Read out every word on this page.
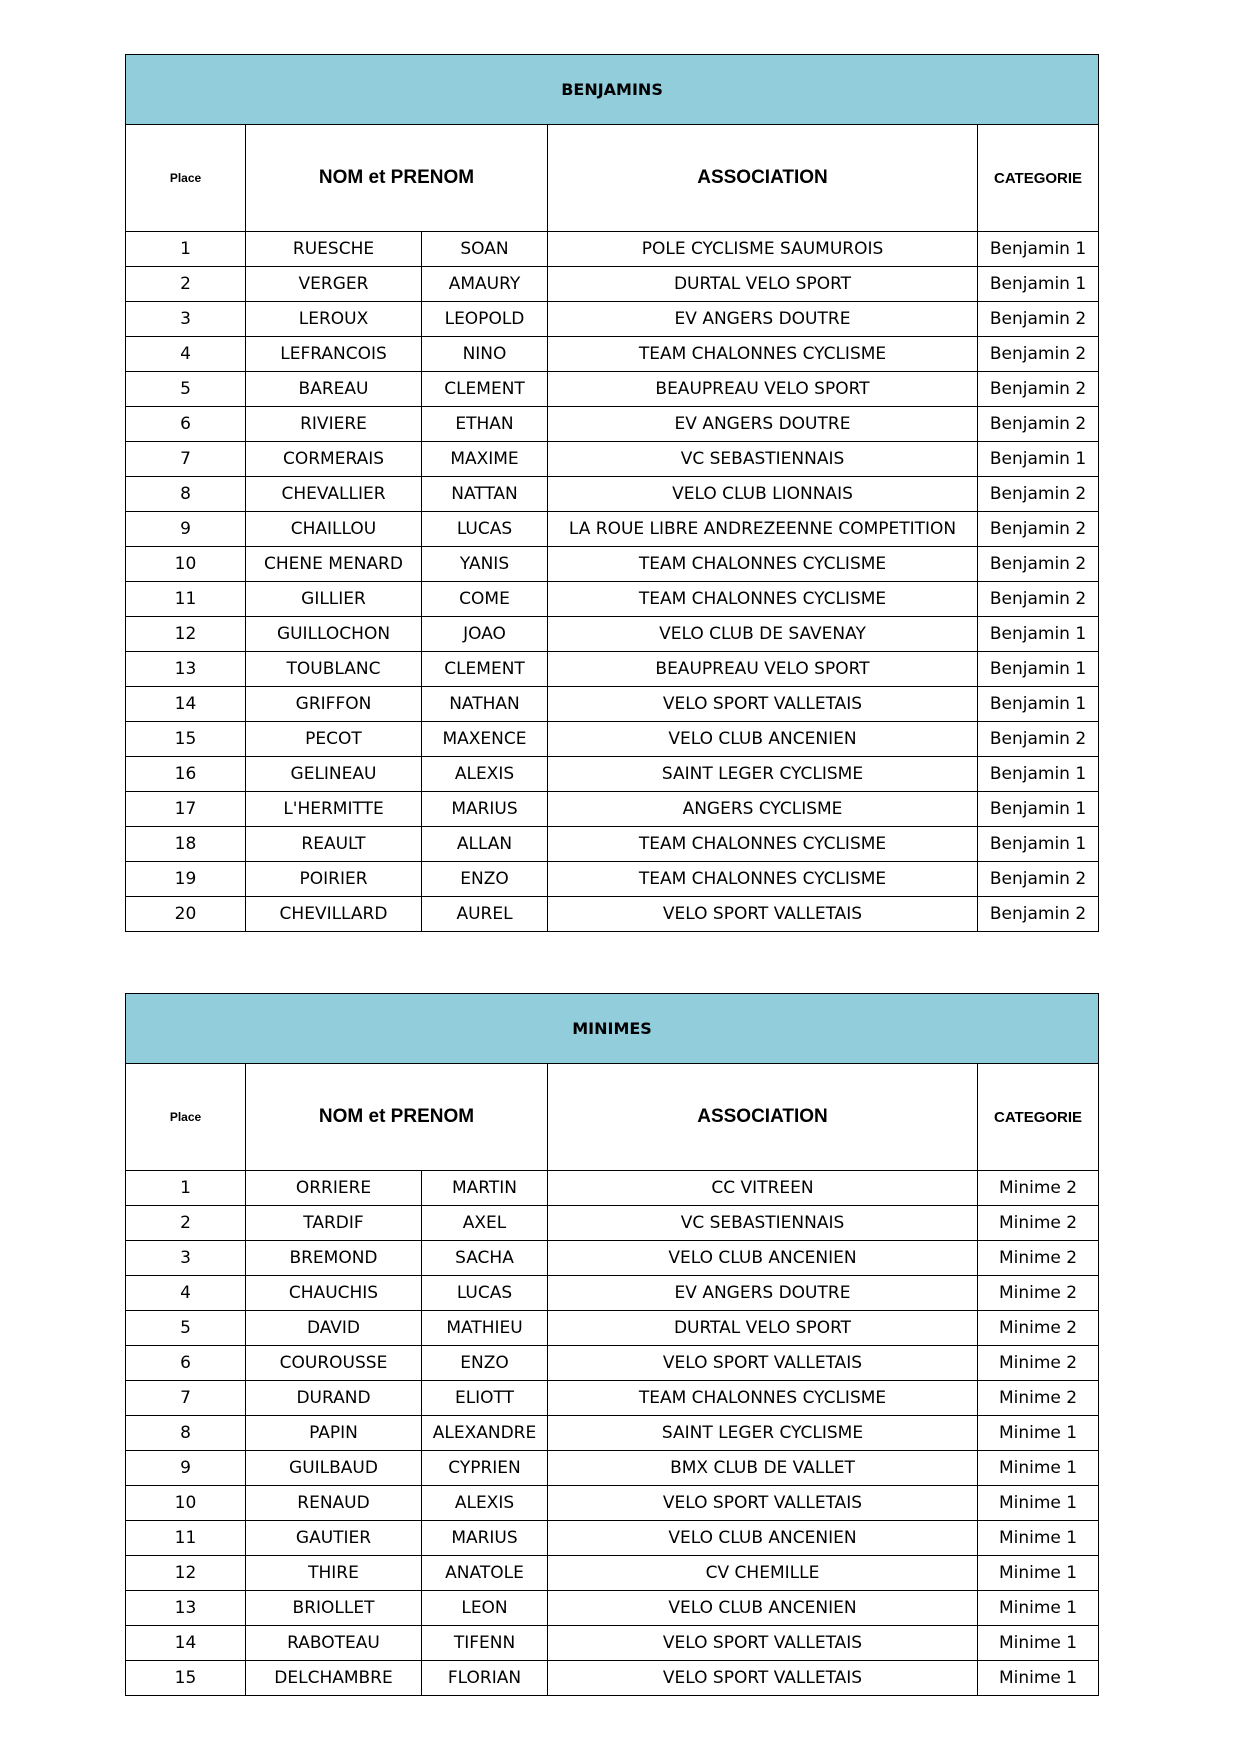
BENJAMINS				
Place	NOM et PRENOM		ASSOCIATION	CATEGORIE
1	RUESCHE	SOAN	POLE CYCLISME SAUMUROIS	Benjamin 1
2	VERGER	AMAURY	DURTAL VELO SPORT	Benjamin 1
3	LEROUX	LEOPOLD	EV ANGERS DOUTRE	Benjamin 2
4	LEFRANCOIS	NINO	TEAM CHALONNES CYCLISME	Benjamin 2
5	BAREAU	CLEMENT	BEAUPREAU VELO SPORT	Benjamin 2
6	RIVIERE	ETHAN	EV ANGERS DOUTRE	Benjamin 2
7	CORMERAIS	MAXIME	VC SEBASTIENNAIS	Benjamin 1
8	CHEVALLIER	NATTAN	VELO CLUB LIONNAIS	Benjamin 2
9	CHAILLOU	LUCAS	LA ROUE LIBRE ANDREZEENNE COMPETITION	Benjamin 2
10	CHENE MENARD	YANIS	TEAM CHALONNES CYCLISME	Benjamin 2
11	GILLIER	COME	TEAM CHALONNES CYCLISME	Benjamin 2
12	GUILLOCHON	JOAO	VELO CLUB DE SAVENAY	Benjamin 1
13	TOUBLANC	CLEMENT	BEAUPREAU VELO SPORT	Benjamin 1
14	GRIFFON	NATHAN	VELO SPORT VALLETAIS	Benjamin 1
15	PECOT	MAXENCE	VELO CLUB ANCENIEN	Benjamin 2
16	GELINEAU	ALEXIS	SAINT LEGER CYCLISME	Benjamin 1
17	L'HERMITTE	MARIUS	ANGERS CYCLISME	Benjamin 1
18	REAULT	ALLAN	TEAM CHALONNES CYCLISME	Benjamin 1
19	POIRIER	ENZO	TEAM CHALONNES CYCLISME	Benjamin 2
20	CHEVILLARD	AUREL	VELO SPORT VALLETAIS	Benjamin 2
MINIMES				
Place	NOM et PRENOM		ASSOCIATION	CATEGORIE
1	ORRIERE	MARTIN	CC VITREEN	Minime 2
2	TARDIF	AXEL	VC SEBASTIENNAIS	Minime 2
3	BREMOND	SACHA	VELO CLUB ANCENIEN	Minime 2
4	CHAUCHIS	LUCAS	EV ANGERS DOUTRE	Minime 2
5	DAVID	MATHIEU	DURTAL VELO SPORT	Minime 2
6	COUROUSSE	ENZO	VELO SPORT VALLETAIS	Minime 2
7	DURAND	ELIOTT	TEAM CHALONNES CYCLISME	Minime 2
8	PAPIN	ALEXANDRE	SAINT LEGER CYCLISME	Minime 1
9	GUILBAUD	CYPRIEN	BMX CLUB DE VALLET	Minime 1
10	RENAUD	ALEXIS	VELO SPORT VALLETAIS	Minime 1
11	GAUTIER	MARIUS	VELO CLUB ANCENIEN	Minime 1
12	THIRE	ANATOLE	CV CHEMILLE	Minime 1
13	BRIOLLET	LEON	VELO CLUB ANCENIEN	Minime 1
14	RABOTEAU	TIFENN	VELO SPORT VALLETAIS	Minime 1
15	DELCHAMBRE	FLORIAN	VELO SPORT VALLETAIS	Minime 1
